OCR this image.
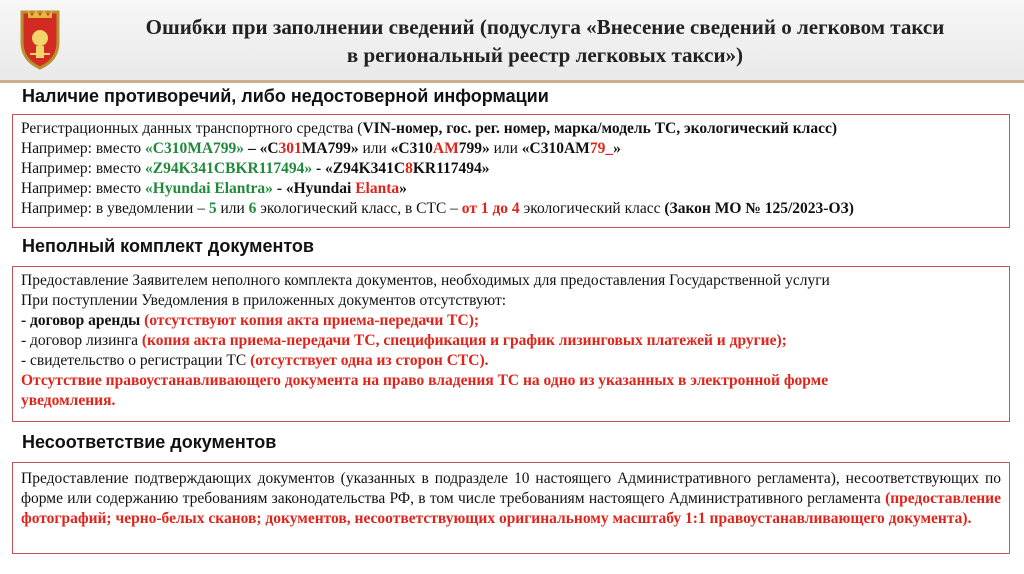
Ошибки при заполнении сведений (подуслуга «Внесение сведений о легковом такси
в региональный реестр легковых такси»)
Наличие противоречий, либо недостоверной информации
Регистрационных данных транспортного средства (VIN-номер, гос. рег. номер, марка/модель ТС, экологический класс)
Например: вместо «С310МА799» – «С301МА799» или «С310АМ799» или «С310АМ79_»
Например: вместо «Z94K341CBKR117494» - «Z94K341C8KR117494»
Например: вместо «Hyundai Elantra» - «Hyundai Elanta»
Например: в уведомлении – 5 или 6 экологический класс, в СТС – от 1 до 4 экологический класс (Закон МО № 125/2023-ОЗ)
Неполный комплект документов
Предоставление Заявителем неполного комплекта документов, необходимых для предоставления Государственной услуги
При поступлении Уведомления в приложенных документов отсутствуют:
- договор аренды (отсутствуют копия акта приема-передачи ТС);
- договор лизинга (копия акта приема-передачи ТС, спецификация и график лизинговых платежей и другие);
- свидетельство о регистрации ТС (отсутствует одна из сторон СТС).
Отсутствие правоустанавливающего документа на право владения ТС на одно из указанных в электронной форме
уведомления.
Несоответствие документов
Предоставление подтверждающих документов (указанных в подразделе 10 настоящего Административного регламента), несоответствующих по форме или содержанию требованиям законодательства РФ, в том числе требованиям настоящего Административного регламента (предоставление фотографий; черно-белых сканов; документов, несоответствующих оригинальному масштабу 1:1 правоустанавливающего документа).
